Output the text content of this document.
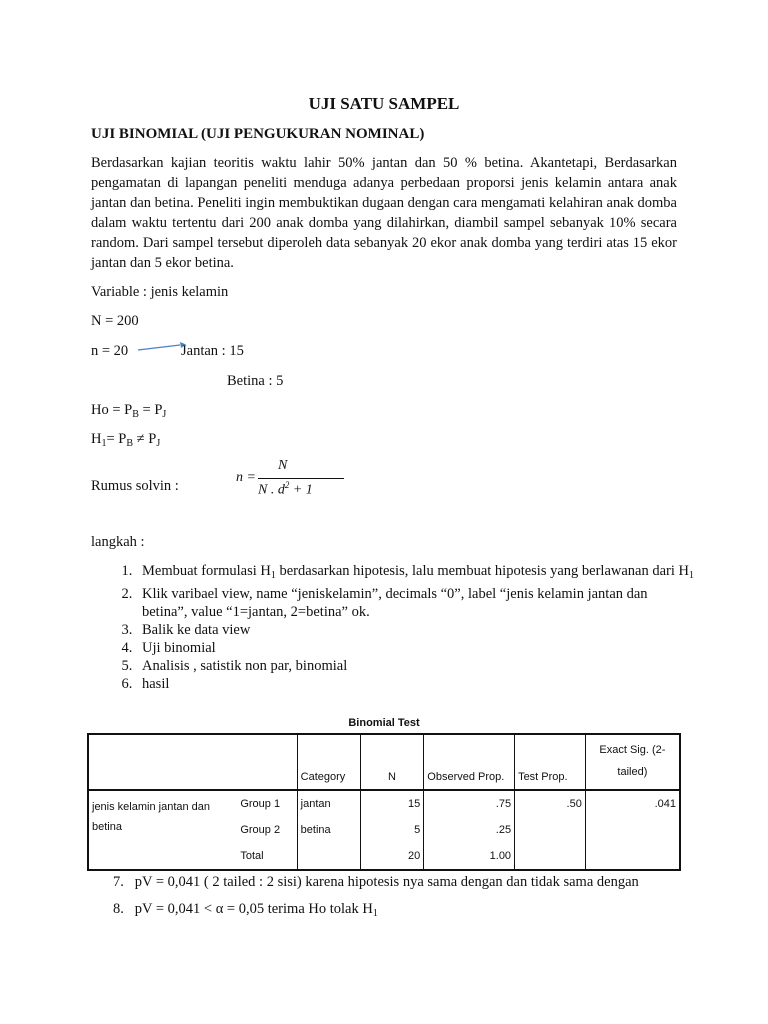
UJI SATU SAMPEL
UJI BINOMIAL (UJI PENGUKURAN NOMINAL)

Berdasarkan kajian teoritis waktu lahir 50% jantan dan 50 % betina. Akantetapi, Berdasarkan pengamatan di lapangan peneliti menduga adanya perbedaan proporsi jenis kelamin antara anak jantan dan betina. Peneliti ingin membuktikan dugaan dengan cara mengamati kelahiran anak domba dalam waktu tertentu dari 200 anak domba yang dilahirkan, diambil sampel sebanyak 10% secara random. Dari sampel tersebut diperoleh data sebanyak 20 ekor anak domba yang terdiri atas 15 ekor jantan dan 5 ekor betina.

Variable : jenis kelamin
N = 200
n = 20	Jantan : 15
Betina : 5
$Ho = P_B = P_J$
$H_1= P_B \ne P_J$
Rumus solvin :
n =
N
N . $d^2 + 1$
langkah :
1. Membuat formulasi $H_1$ berdasarkan hipotesis, lalu membuat hipotesis yang berlawanan dari $H_1$
2. Klik varibael view, name “jeniskelamin”, decimals “0”, label “jenis kelamin jantan dan betina”, value “1=jantan, 2=betina” ok.
3. Balik ke data view
4. Uji binomial
5. Analisis , satistik non par, binomial
6. hasil
Binomial Test
		Category	N	Observed Prop.	Test Prop.	Exact Sig. (2-tailed)
jenis kelamin jantan dan betina	Group 1	jantan	15	.75	.50	.041
	Group 2	betina	5	.25		
	Total		20	1.00		
7. pV = 0,041 ( 2 tailed : 2 sisi) karena hipotesis nya sama dengan dan tidak sama dengan
8. pV = 0,041 < α = 0,05 terima Ho tolak $H_1$
